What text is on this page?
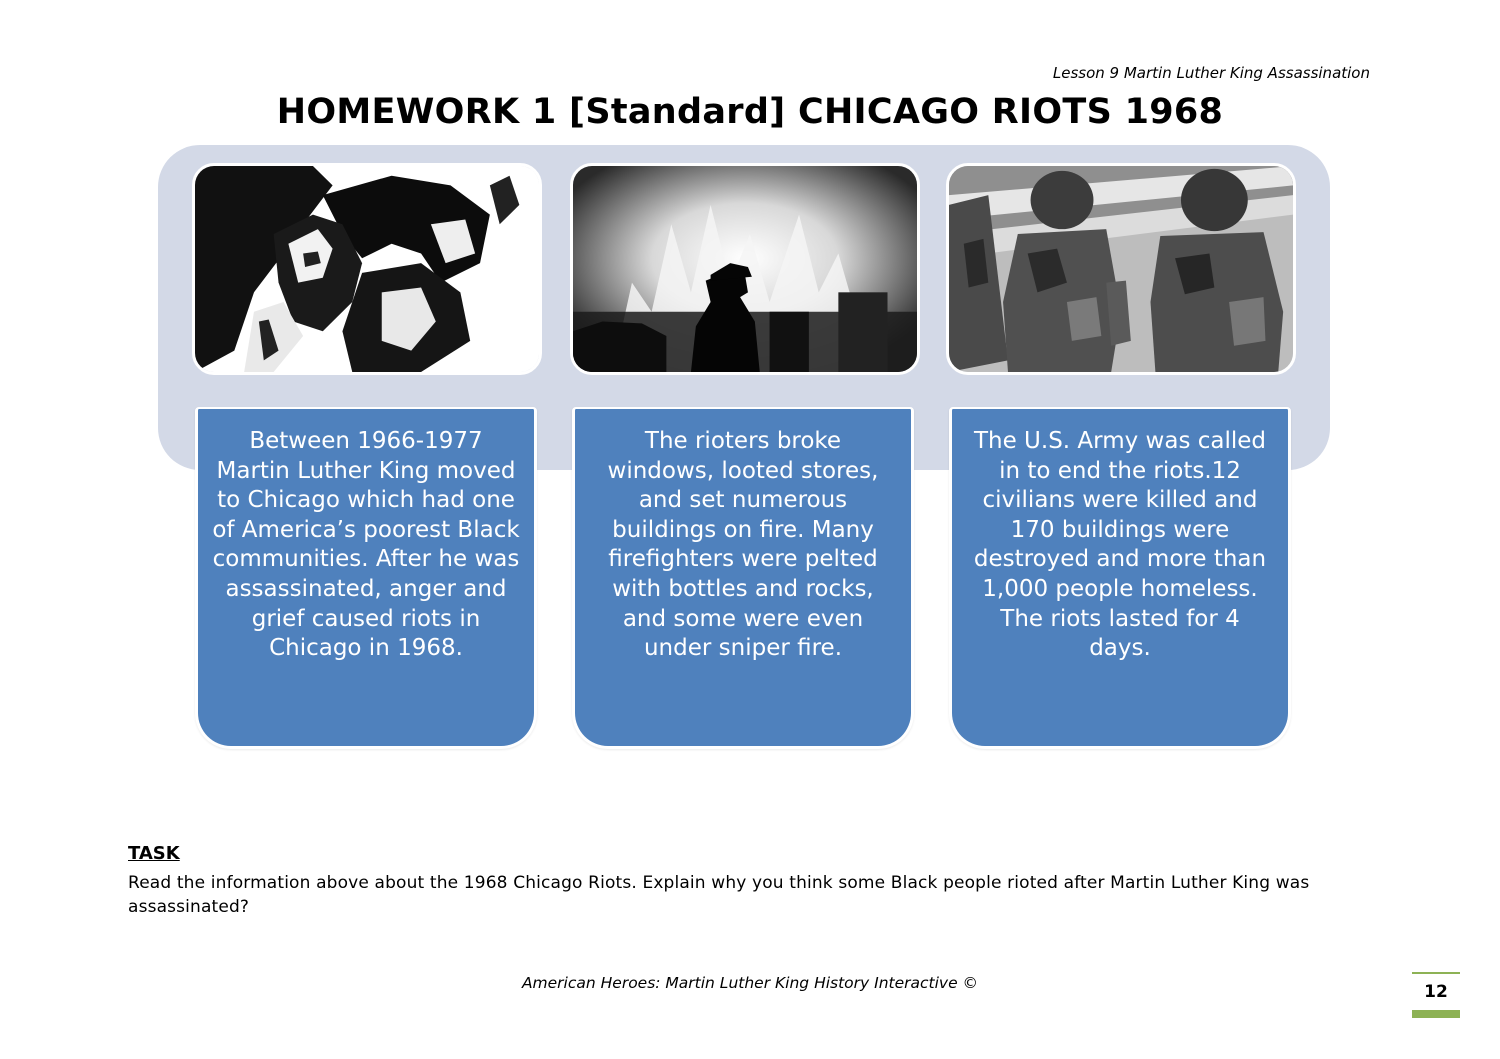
Lesson 9 Martin Luther King Assassination
HOMEWORK 1 [Standard] CHICAGO RIOTS 1968
Between 1966-1977 Martin Luther King moved to Chicago which had one of America’s poorest Black communities. After he was assassinated, anger and grief caused riots in Chicago in 1968.
The rioters broke windows, looted stores, and set numerous buildings on fire. Many firefighters were pelted with bottles and rocks, and some were even under sniper fire.
The U.S. Army was called in to end the riots.12 civilians were killed and 170 buildings were destroyed and more than 1,000 people homeless. The riots lasted for 4 days.
TASK
Read the information above about the 1968 Chicago Riots. Explain why you think some Black people rioted after Martin Luther King was assassinated?
American Heroes: Martin Luther King History Interactive ©	12
